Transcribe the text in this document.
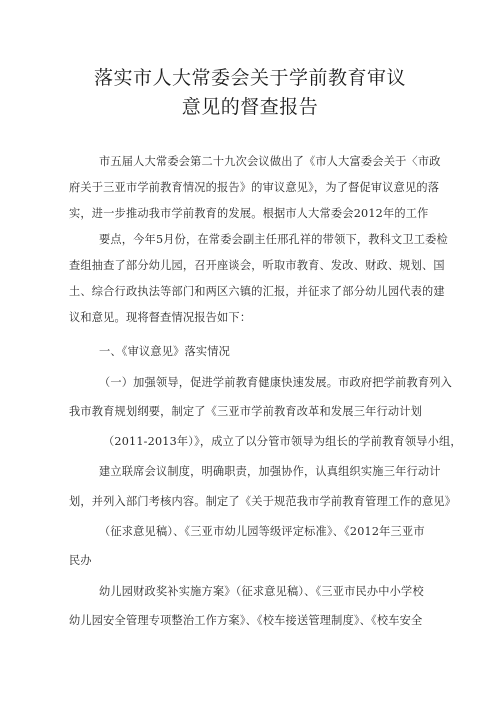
落实市人大常委会关于学前教育审议
意见的督查报告
市五届人大常委会第二十九次会议做出了《市人大富委会关于〈市政
府关于三亚市学前教育情况的报告》的审议意见》，为了督促审议意见的落
实，进一步推动我市学前教育的发展。根据市人大常委会2012年的工作
要点，今年5月份，在常委会副主任邢孔祥的带领下，教科文卫工委检
查组抽查了部分幼儿园，召开座谈会，听取市教育、发改、财政、规划、国
土、综合行政执法等部门和两区六镇的汇报，并征求了部分幼儿园代表的建
议和意见。现将督查情况报告如下：
一、《审议意见》落实情况
（一）加强领导，促进学前教育健康快速发展。市政府把学前教育列入
我市教育规划纲要，制定了《三亚市学前教育改革和发展三年行动计划
（2011-2013年）》，成立了以分管市领导为组长的学前教育领导小组，
建立联席会议制度，明确职责，加强协作，认真组织实施三年行动计
划，并列入部门考核内容。制定了《关于规范我市学前教育管理工作的意见》
（征求意见稿）、《三亚市幼儿园等级评定标准》、《2012年三亚市
民办
幼儿园财政奖补实施方案》（征求意见稿）、《三亚市民办中小学校
幼儿园安全管理专项整治工作方案》、《校车接送管理制度》、《校车安全
